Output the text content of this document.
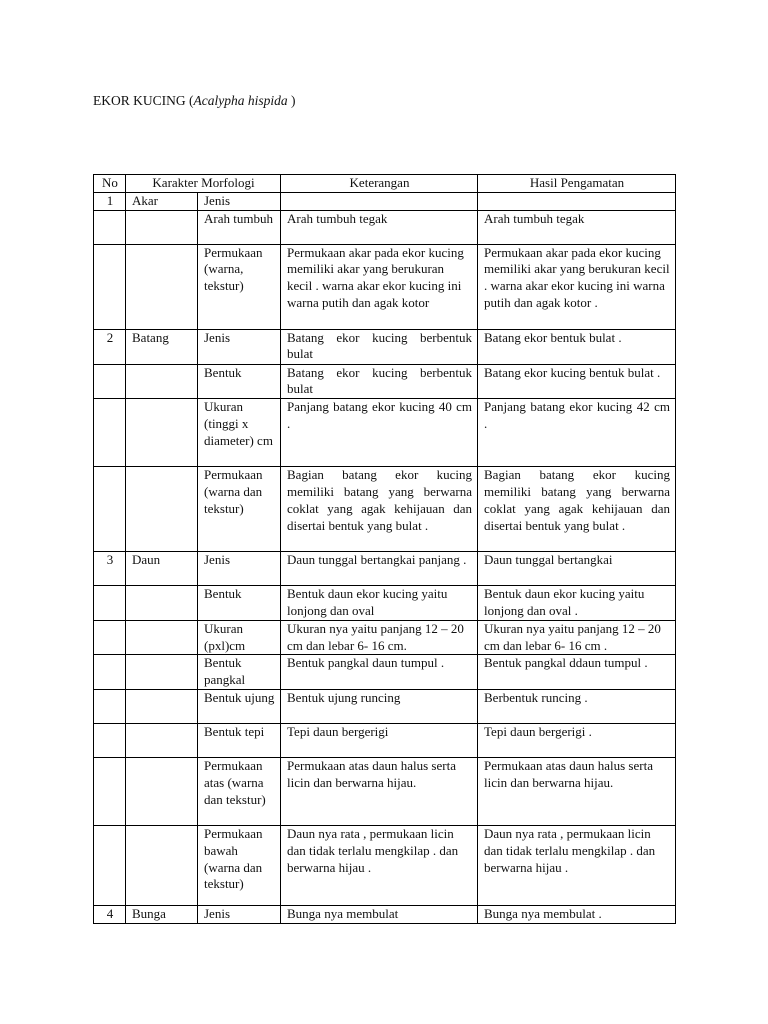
EKOR KUCING (Acalypha hispida )
No	Karakter Morfologi		Keterangan	Hasil Pengamatan
1	Akar	Jenis		
		Arah tumbuh	Arah tumbuh tegak	Arah tumbuh tegak
		Permukaan (warna, tekstur)	Permukaan akar pada ekor kucing memiliki akar yang berukuran kecil . warna akar ekor kucing ini warna putih dan agak kotor	Permukaan akar pada ekor kucing memiliki akar yang berukuran kecil . warna akar ekor kucing ini warna putih dan agak kotor .
2	Batang	Jenis	Batang ekor kucing berbentuk bulat	Batang ekor bentuk bulat .
		Bentuk	Batang ekor kucing berbentuk bulat	Batang ekor kucing bentuk bulat .
		Ukuran (tinggi x diameter) cm	Panjang batang ekor kucing 40 cm .	Panjang batang ekor kucing 42 cm .
		Permukaan (warna dan tekstur)	Bagian batang ekor kucing memiliki batang yang berwarna coklat yang agak kehijauan dan disertai bentuk yang bulat .	Bagian batang ekor kucing memiliki batang yang berwarna coklat yang agak kehijauan dan disertai bentuk yang bulat .
3	Daun	Jenis	Daun tunggal bertangkai panjang .	Daun tunggal bertangkai
		Bentuk	Bentuk daun ekor kucing yaitu lonjong dan oval	Bentuk daun ekor kucing yaitu lonjong dan oval .
		Ukuran (pxl)cm	Ukuran nya yaitu panjang 12 – 20 cm dan lebar 6- 16 cm.	Ukuran nya yaitu panjang 12 – 20 cm dan lebar 6- 16 cm .
		Bentuk pangkal	Bentuk pangkal daun tumpul .	Bentuk pangkal ddaun tumpul .
		Bentuk ujung	Bentuk ujung runcing	Berbentuk runcing .
		Bentuk tepi	Tepi daun bergerigi	Tepi daun bergerigi .
		Permukaan atas (warna dan tekstur)	Permukaan atas daun halus serta licin dan berwarna hijau.	Permukaan atas daun halus serta licin dan berwarna hijau.
		Permukaan bawah (warna dan tekstur)	Daun nya rata , permukaan licin dan tidak terlalu mengkilap . dan berwarna hijau .	Daun nya rata , permukaan licin dan tidak terlalu mengkilap . dan berwarna hijau .
4	Bunga	Jenis	Bunga nya membulat	Bunga nya membulat .
